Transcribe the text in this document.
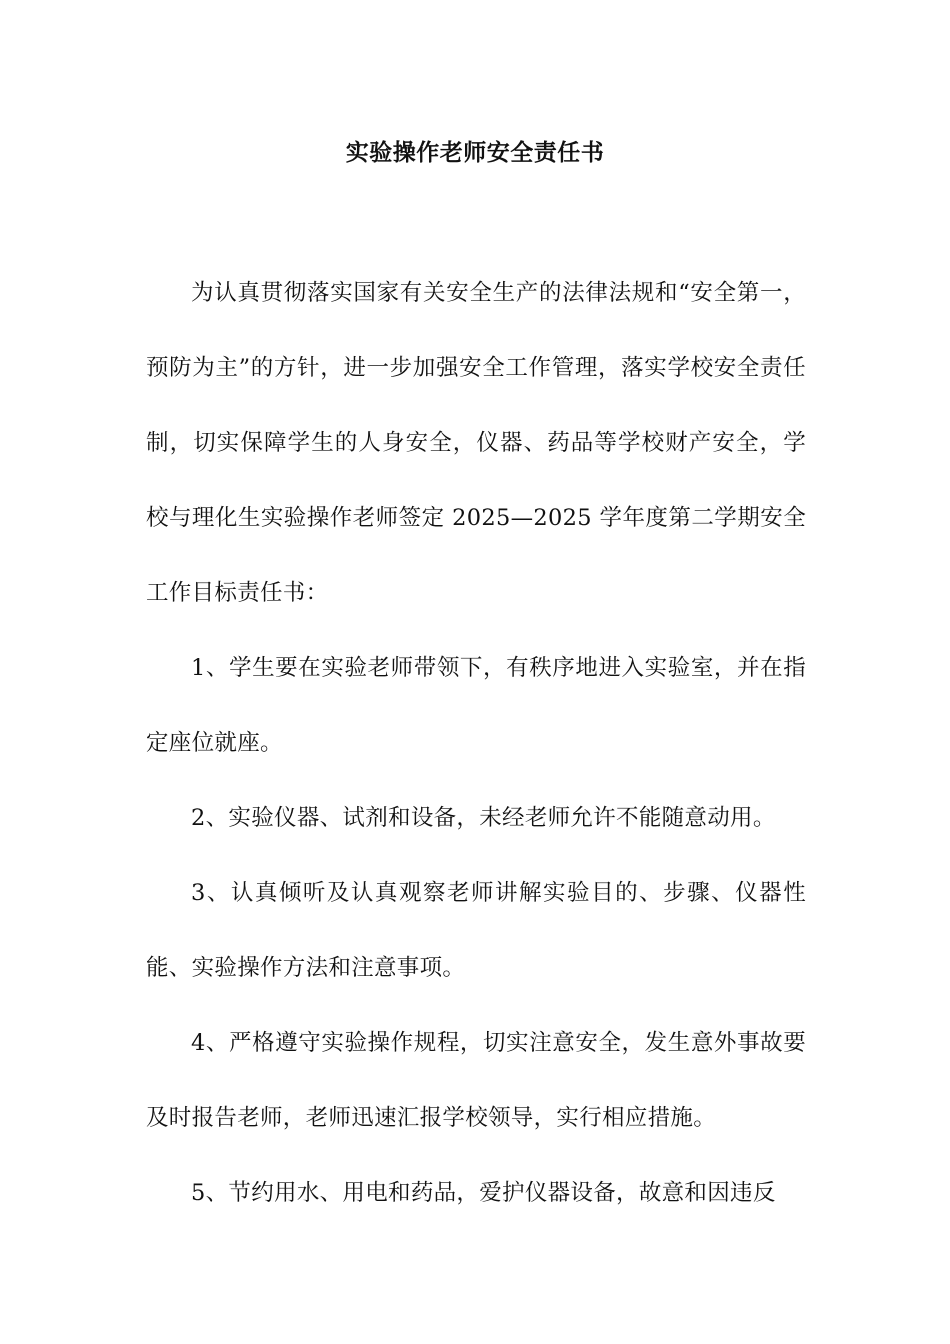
实验操作老师安全责任书

为认真贯彻落实国家有关安全生产的法律法规和“安全第一，预防为主”的方针，进一步加强安全工作管理，落实学校安全责任制，切实保障学生的人身安全，仪器、药品等学校财产安全，学校与理化生实验操作老师签定 2025—2025 学年度第二学期安全工作目标责任书：

1、学生要在实验老师带领下，有秩序地进入实验室，并在指定座位就座。

2、实验仪器、试剂和设备，未经老师允许不能随意动用。

3、认真倾听及认真观察老师讲解实验目的、步骤、仪器性能、实验操作方法和注意事项。

4、严格遵守实验操作规程，切实注意安全，发生意外事故要及时报告老师，老师迅速汇报学校领导，实行相应措施。

5、节约用水、用电和药品，爱护仪器设备，故意和因违反
